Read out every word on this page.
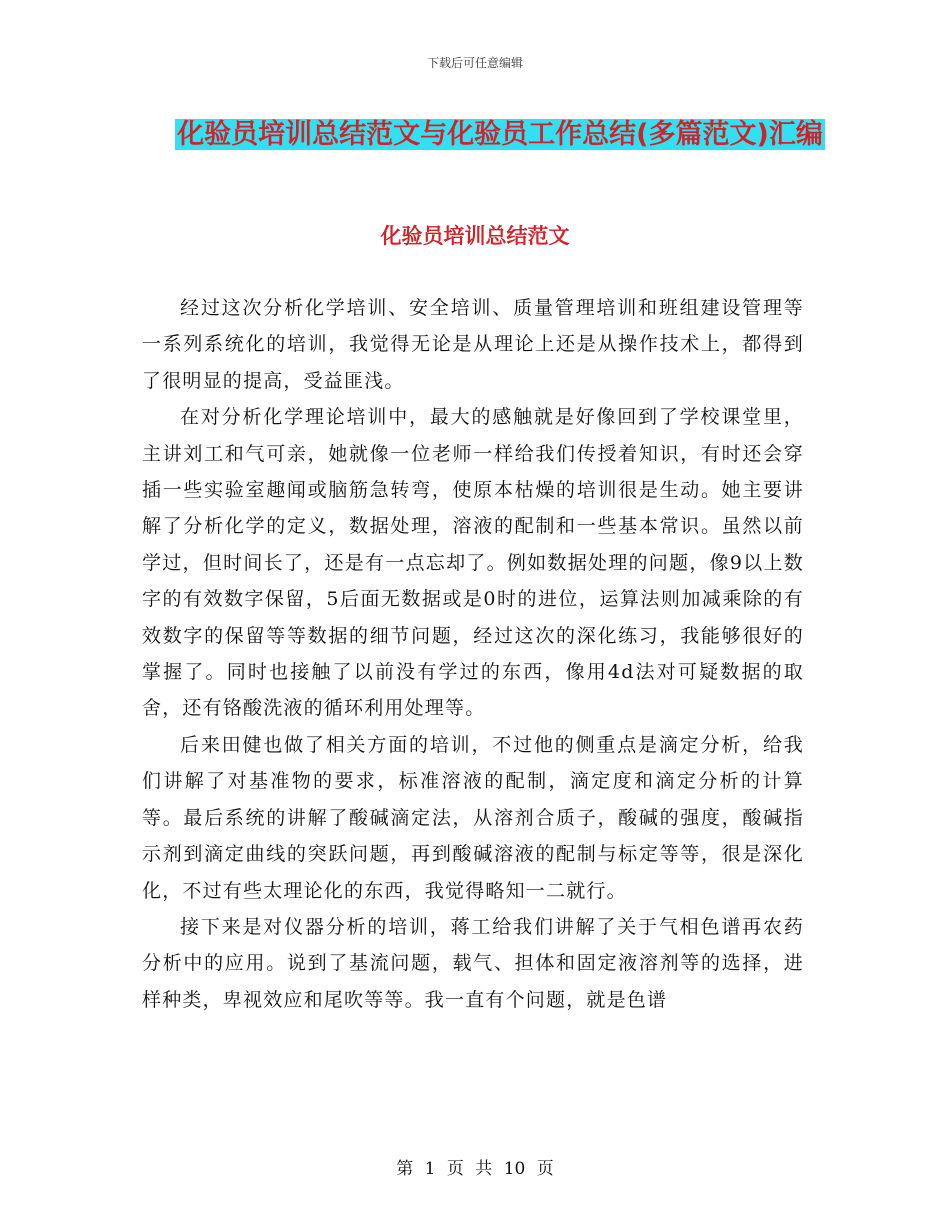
下载后可任意编辑
化验员培训总结范文与化验员工作总结(多篇范文)汇编
化验员培训总结范文

经过这次分析化学培训、安全培训、质量管理培训和班组建设管理等一系列系统化的培训，我觉得无论是从理论上还是从操作技术上，都得到了很明显的提高，受益匪浅。

在对分析化学理论培训中，最大的感触就是好像回到了学校课堂里，主讲刘工和气可亲，她就像一位老师一样给我们传授着知识，有时还会穿插一些实验室趣闻或脑筋急转弯，使原本枯燥的培训很是生动。她主要讲解了分析化学的定义，数据处理，溶液的配制和一些基本常识。虽然以前学过，但时间长了，还是有一点忘却了。例如数据处理的问题，像9以上数字的有效数字保留，5后面无数据或是0时的进位，运算法则加减乘除的有效数字的保留等等数据的细节问题，经过这次的深化练习，我能够很好的掌握了。同时也接触了以前没有学过的东西，像用4d法对可疑数据的取舍，还有铬酸洗液的循环利用处理等。

后来田健也做了相关方面的培训，不过他的侧重点是滴定分析，给我们讲解了对基准物的要求，标准溶液的配制，滴定度和滴定分析的计算等。最后系统的讲解了酸碱滴定法，从溶剂合质子，酸碱的强度，酸碱指示剂到滴定曲线的突跃问题，再到酸碱溶液的配制与标定等等，很是深化化，不过有些太理论化的东西，我觉得略知一二就行。

接下来是对仪器分析的培训，蒋工给我们讲解了关于气相色谱再农药分析中的应用。说到了基流问题，载气、担体和固定液溶剂等的选择，进样种类，卑视效应和尾吹等等。我一直有个问题，就是色谱

第 1 页 共 10 页
